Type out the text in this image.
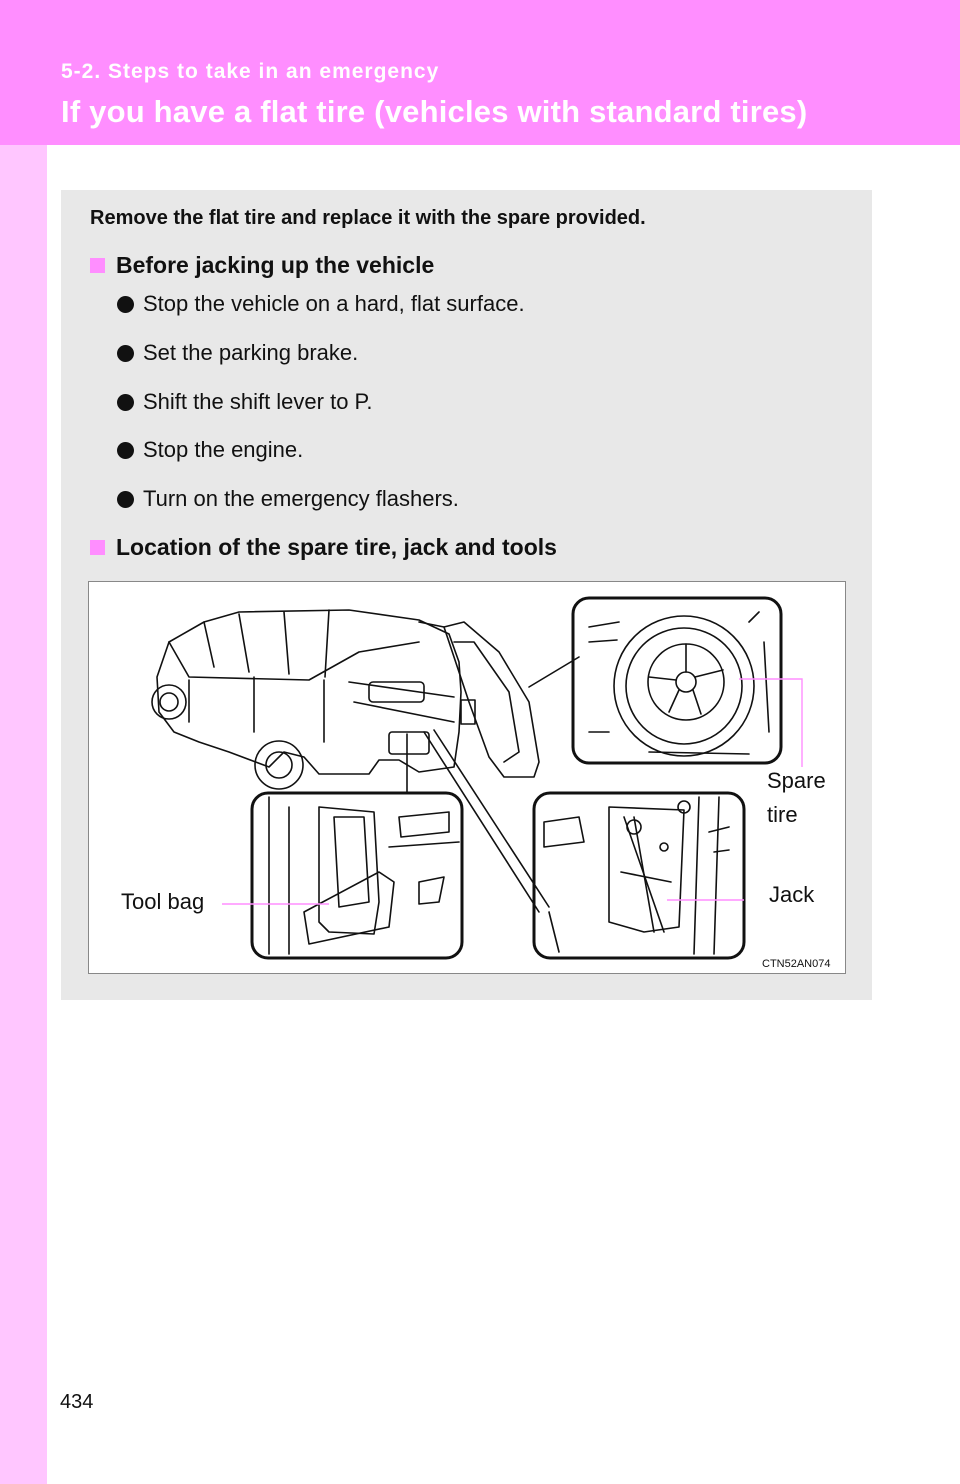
5-2. Steps to take in an emergency
If you have a flat tire (vehicles with standard tires)
Remove the flat tire and replace it with the spare provided.
Before jacking up the vehicle
Stop the vehicle on a hard, flat surface.
Set the parking brake.
Shift the shift lever to P.
Stop the engine.
Turn on the emergency flashers.
Location of the spare tire, jack and tools
Spare
tire
Jack
Tool bag
CTN52AN074
434
